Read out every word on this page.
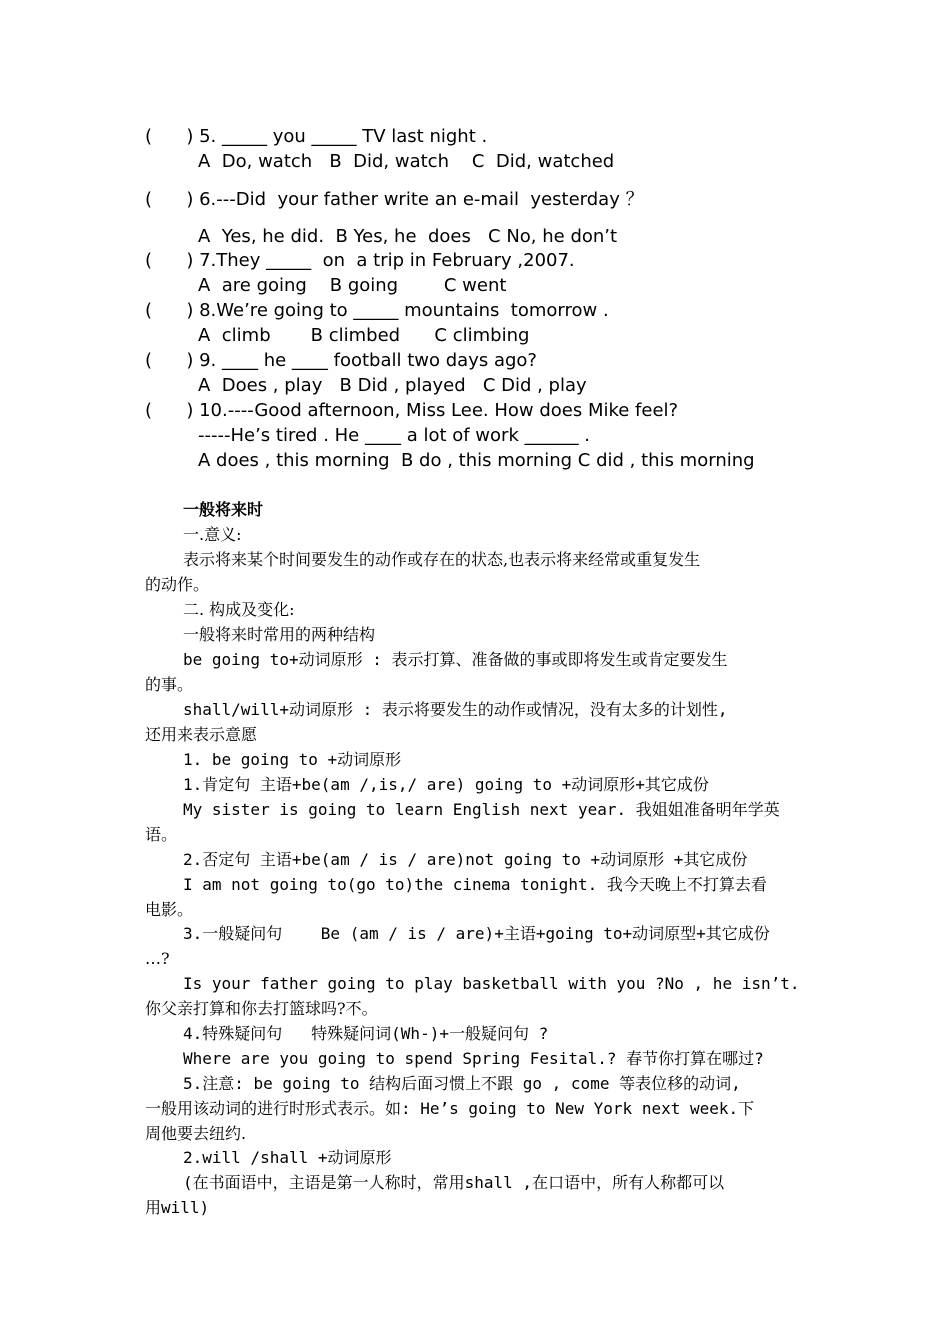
(      ) 5. _____ you _____ TV last night .
A  Do, watch   B  Did, watch    C  Did, watched
(      ) 6.---Did  your father write an e-mail  yesterday ？
A  Yes, he did.  B Yes, he  does   C No, he don’t
(      ) 7.They _____  on  a trip in February ,2007.
A  are going    B going        C went
(      ) 8.We’re going to _____ mountains  tomorrow .
A  climb       B climbed      C climbing
(      ) 9. ____ he ____ football two days ago?
A  Does , play   B Did , played   C Did , play
(      ) 10.----Good afternoon, Miss Lee. How does Mike feel?
-----He’s tired . He ____ a lot of work ______ .
A does , this morning  B do , this morning C did , this morning
一般将来时
一.意义:
表示将来某个时间要发生的动作或存在的状态,也表示将来经常或重复发生
的动作。
二. 构成及变化:
一般将来时常用的两种结构
be going to+动词原形 : 表示打算、准备做的事或即将发生或肯定要发生
的事。
shall/will+动词原形 : 表示将要发生的动作或情况，没有太多的计划性,
还用来表示意愿
1. be going to +动词原形
1.肯定句 主语+be(am /,is,/ are) going to +动词原形+其它成份
My sister is going to learn English next year. 我姐姐准备明年学英
语。
2.否定句 主语+be(am / is / are)not going to +动词原形 +其它成份
I am not going to(go to)the cinema tonight. 我今天晚上不打算去看
电影。
3.一般疑问句    Be (am / is / are)+主语+going to+动词原型+其它成份
…?
Is your father going to play basketball with you ?No , he isn’t.
你父亲打算和你去打篮球吗?不。
4.特殊疑问句   特殊疑问词(Wh-)+一般疑问句 ?
Where are you going to spend Spring Fesital.? 春节你打算在哪过?
5.注意: be going to 结构后面习惯上不跟 go , come 等表位移的动词,
一般用该动词的进行时形式表示。如: He’s going to New York next week.下
周他要去纽约.
2.will /shall +动词原形
(在书面语中，主语是第一人称时，常用shall ,在口语中，所有人称都可以
用will)
